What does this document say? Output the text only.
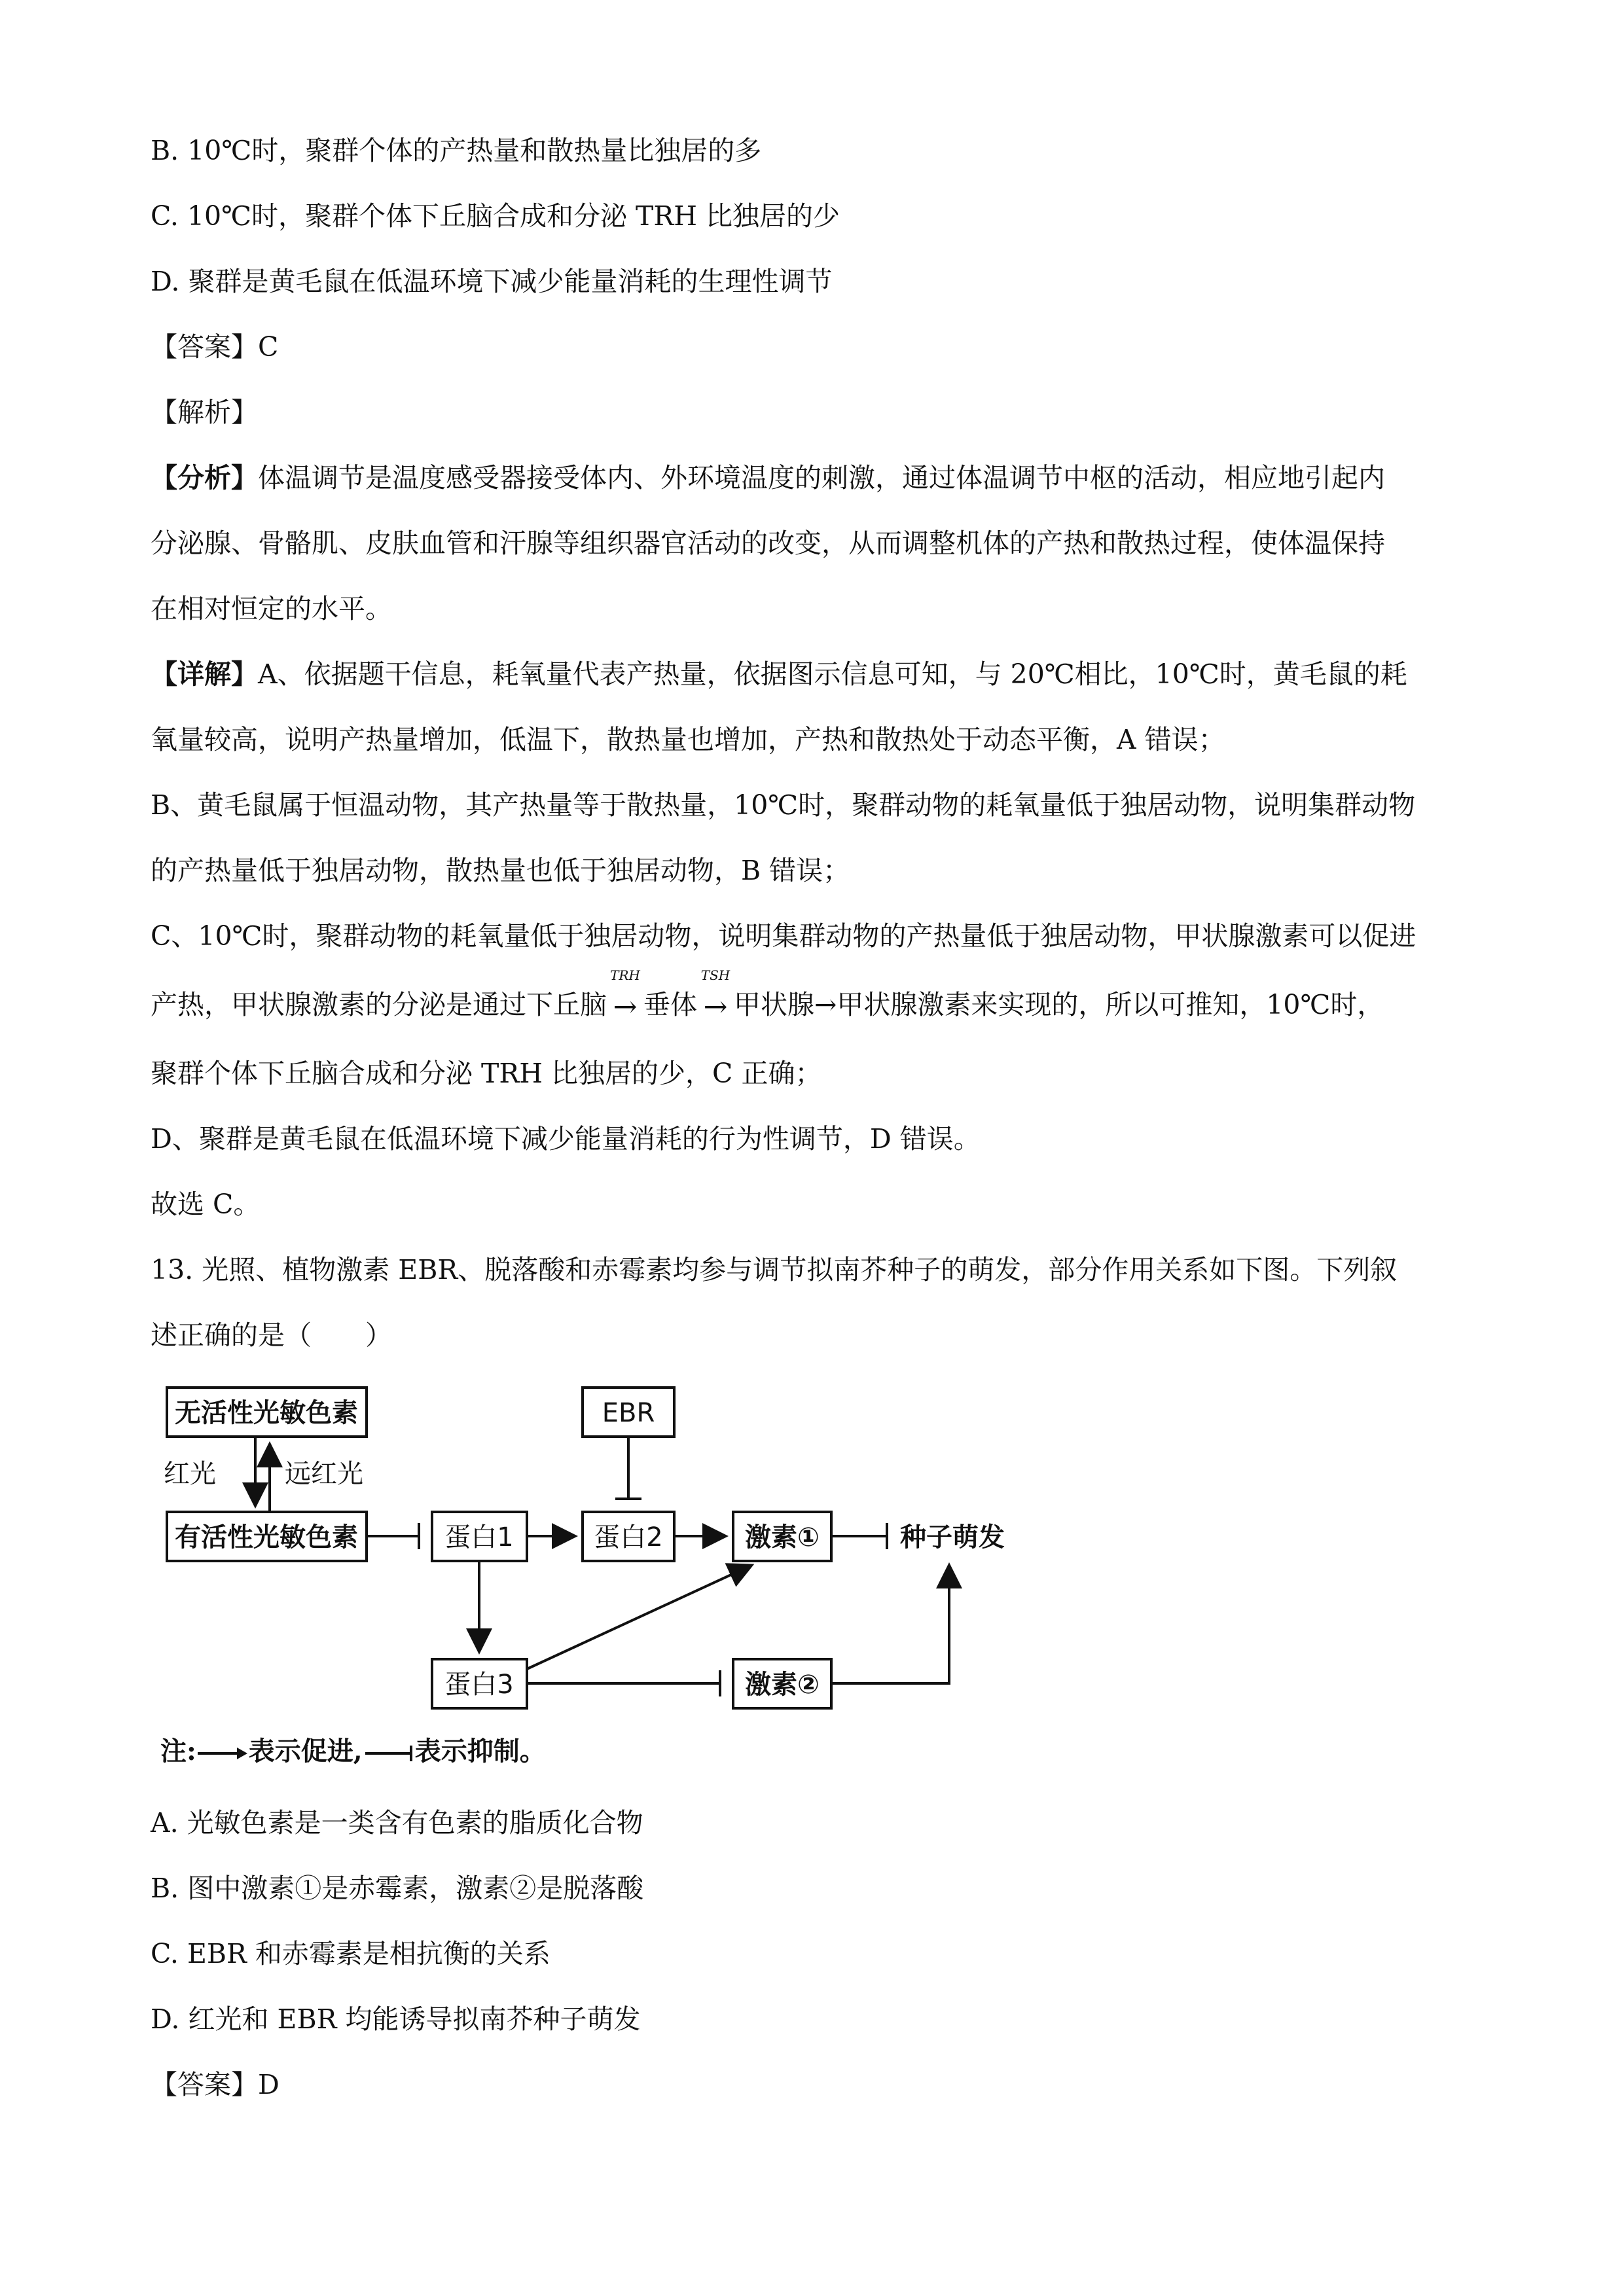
B. 10℃时，聚群个体的产热量和散热量比独居的多
C. 10℃时，聚群个体下丘脑合成和分泌 TRH 比独居的少
D. 聚群是黄毛鼠在低温环境下减少能量消耗的生理性调节
【答案】C
【解析】
【分析】体温调节是温度感受器接受体内、外环境温度的刺激，通过体温调节中枢的活动，相应地引起内
分泌腺、骨骼肌、皮肤血管和汗腺等组织器官活动的改变，从而调整机体的产热和散热过程，使体温保持
在相对恒定的水平。
【详解】A、依据题干信息，耗氧量代表产热量，依据图示信息可知，与 20℃相比，10℃时，黄毛鼠的耗
氧量较高，说明产热量增加，低温下，散热量也增加，产热和散热处于动态平衡，A 错误；
B、黄毛鼠属于恒温动物，其产热量等于散热量，10℃时，聚群动物的耗氧量低于独居动物，说明集群动物
的产热量低于独居动物，散热量也低于独居动物，B 错误；
C、10℃时，聚群动物的耗氧量低于独居动物，说明集群动物的产热量低于独居动物，甲状腺激素可以促进
产热，甲状腺激素的分泌是通过下丘脑
TRH
→ 垂体
TSH
→ 甲状腺→甲状腺激素来实现的，所以可推知，10℃时，
聚群个体下丘脑合成和分泌 TRH 比独居的少，C 正确；
D、聚群是黄毛鼠在低温环境下减少能量消耗的行为性调节，D 错误。
故选 C。
13. 光照、植物激素 EBR、脱落酸和赤霉素均参与调节拟南芥种子的萌发，部分作用关系如下图。下列叙
述正确的是（　　）
无活性光敏色素
有活性光敏色素
EBR
蛋白1	蛋白2	激素①	种子萌发
蛋白3	激素②
红光	远红光
注: 表示促进, 表示抑制。
A. 光敏色素是一类含有色素的脂质化合物
B. 图中激素①是赤霉素，激素②是脱落酸
C. EBR 和赤霉素是相抗衡的关系
D. 红光和 EBR 均能诱导拟南芥种子萌发
【答案】D
